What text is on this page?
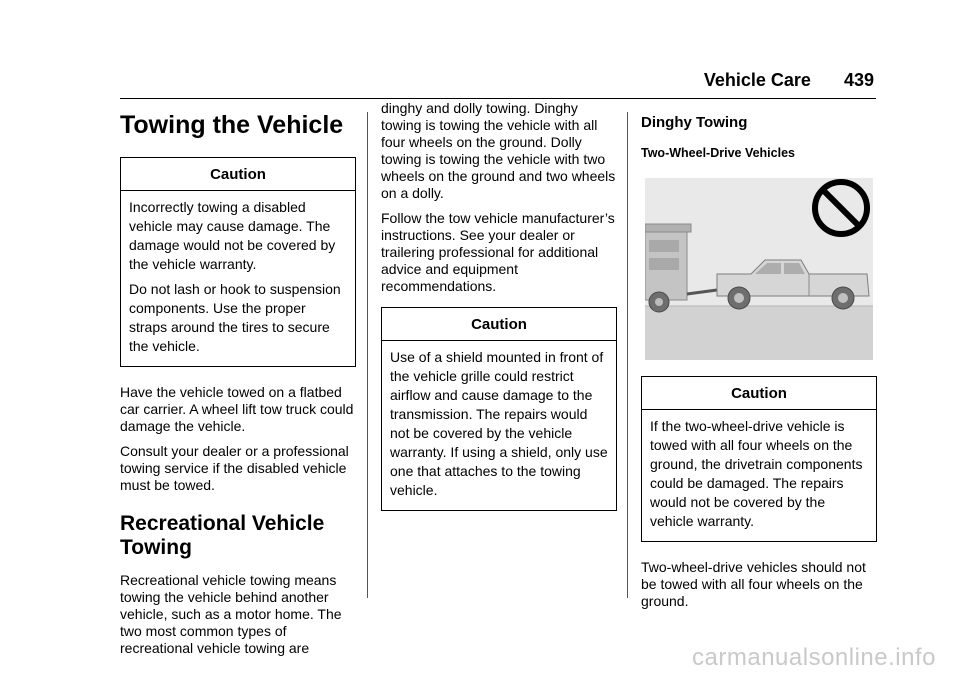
Vehicle Care 439
Towing the Vehicle
Caution

Incorrectly towing a disabled vehicle may cause damage. The damage would not be covered by the vehicle warranty.

Do not lash or hook to suspension components. Use the proper straps around the tires to secure the vehicle.

Have the vehicle towed on a flatbed car carrier. A wheel lift tow truck could damage the vehicle.

Consult your dealer or a professional towing service if the disabled vehicle must be towed.

Recreational Vehicle Towing

Recreational vehicle towing means towing the vehicle behind another vehicle, such as a motor home. The two most common types of recreational vehicle towing are

dinghy and dolly towing. Dinghy towing is towing the vehicle with all four wheels on the ground. Dolly towing is towing the vehicle with two wheels on the ground and two wheels on a dolly.

Follow the tow vehicle manufacturer’s instructions. See your dealer or trailering professional for additional advice and equipment recommendations.

Caution

Use of a shield mounted in front of the vehicle grille could restrict airflow and cause damage to the transmission. The repairs would not be covered by the vehicle warranty. If using a shield, only use one that attaches to the towing vehicle.

Dinghy Towing
Two-Wheel-Drive Vehicles
Caution

If the two-wheel-drive vehicle is towed with all four wheels on the ground, the drivetrain components could be damaged. The repairs would not be covered by the vehicle warranty.

Two-wheel-drive vehicles should not be towed with all four wheels on the ground.

carmanualsonline.info
